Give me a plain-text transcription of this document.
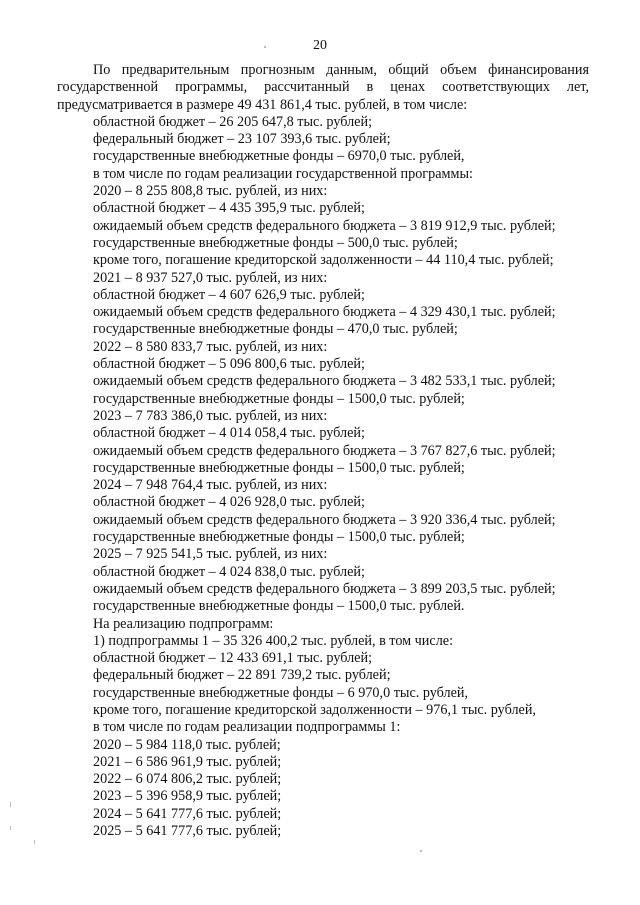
20
По предварительным прогнозным данным, общий объем финансирования
государственной программы, рассчитанный в ценах соответствующих лет,
предусматривается в размере 49 431 861,4 тыс. рублей, в том числе:
областной бюджет – 26 205 647,8 тыс. рублей;
федеральный бюджет – 23 107 393,6 тыс. рублей;
государственные внебюджетные фонды – 6970,0 тыс. рублей,
в том числе по годам реализации государственной программы:
2020 – 8 255 808,8 тыс. рублей, из них:
областной бюджет – 4 435 395,9 тыс. рублей;
ожидаемый объем средств федерального бюджета – 3 819 912,9 тыс. рублей;
государственные внебюджетные фонды – 500,0 тыс. рублей;
кроме того, погашение кредиторской задолженности – 44 110,4 тыс. рублей;
2021 – 8 937 527,0 тыс. рублей, из них:
областной бюджет – 4 607 626,9 тыс. рублей;
ожидаемый объем средств федерального бюджета – 4 329 430,1 тыс. рублей;
государственные внебюджетные фонды – 470,0 тыс. рублей;
2022 – 8 580 833,7 тыс. рублей, из них:
областной бюджет – 5 096 800,6 тыс. рублей;
ожидаемый объем средств федерального бюджета – 3 482 533,1 тыс. рублей;
государственные внебюджетные фонды – 1500,0 тыс. рублей;
2023 – 7 783 386,0 тыс. рублей, из них:
областной бюджет – 4 014 058,4 тыс. рублей;
ожидаемый объем средств федерального бюджета – 3 767 827,6 тыс. рублей;
государственные внебюджетные фонды – 1500,0 тыс. рублей;
2024 – 7 948 764,4 тыс. рублей, из них:
областной бюджет – 4 026 928,0 тыс. рублей;
ожидаемый объем средств федерального бюджета – 3 920 336,4 тыс. рублей;
государственные внебюджетные фонды – 1500,0 тыс. рублей;
2025 – 7 925 541,5 тыс. рублей, из них:
областной бюджет – 4 024 838,0 тыс. рублей;
ожидаемый объем средств федерального бюджета – 3 899 203,5 тыс. рублей;
государственные внебюджетные фонды – 1500,0 тыс. рублей.
На реализацию подпрограмм:
1) подпрограммы 1 – 35 326 400,2 тыс. рублей, в том числе:
областной бюджет – 12 433 691,1 тыс. рублей;
федеральный бюджет – 22 891 739,2 тыс. рублей;
государственные внебюджетные фонды – 6 970,0 тыс. рублей,
кроме того, погашение кредиторской задолженности – 976,1 тыс. рублей,
в том числе по годам реализации подпрограммы 1:
2020 – 5 984 118,0 тыс. рублей;
2021 – 6 586 961,9 тыс. рублей;
2022 – 6 074 806,2 тыс. рублей;
2023 – 5 396 958,9 тыс. рублей;
2024 – 5 641 777,6 тыс. рублей;
2025 – 5 641 777,6 тыс. рублей;
